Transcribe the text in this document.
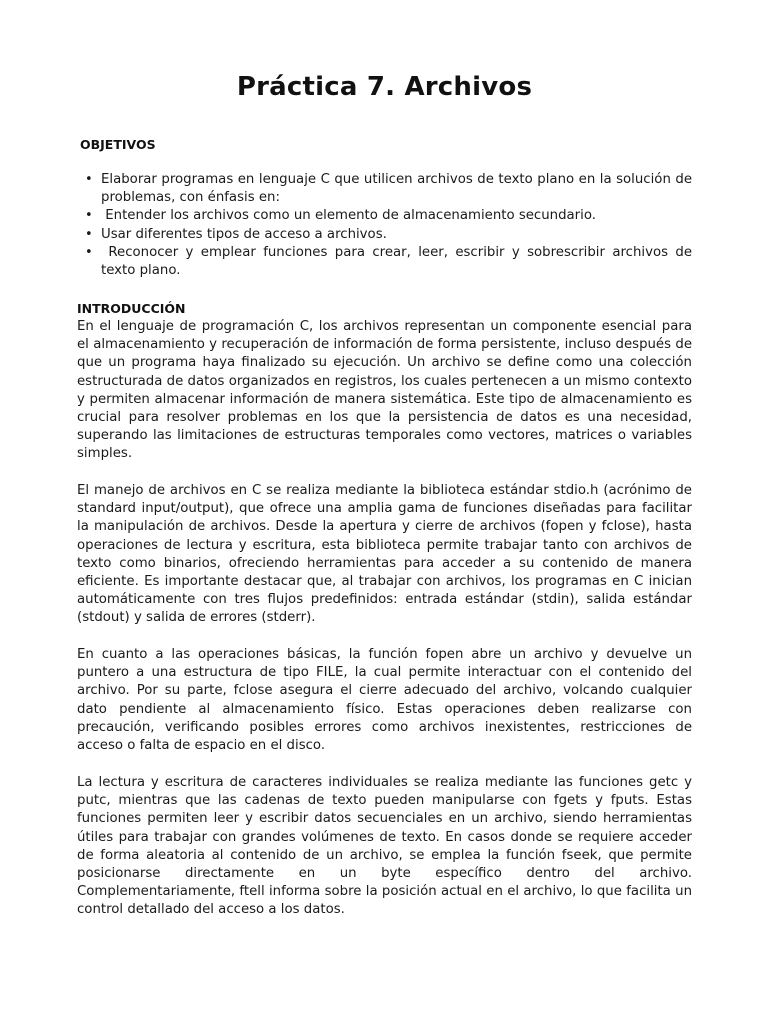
Práctica 7. Archivos
OBJETIVOS
• Elaborar programas en lenguaje C que utilicen archivos de texto plano en la solución de problemas, con énfasis en:
• Entender los archivos como un elemento de almacenamiento secundario.
• Usar diferentes tipos de acceso a archivos.
• Reconocer y emplear funciones para crear, leer, escribir y sobrescribir archivos de texto plano.
INTRODUCCIÓN

En el lenguaje de programación C, los archivos representan un componente esencial para el almacenamiento y recuperación de información de forma persistente, incluso después de que un programa haya finalizado su ejecución. Un archivo se define como una colección estructurada de datos organizados en registros, los cuales pertenecen a un mismo contexto y permiten almacenar información de manera sistemática. Este tipo de almacenamiento es crucial para resolver problemas en los que la persistencia de datos es una necesidad, superando las limitaciones de estructuras temporales como vectores, matrices o variables simples.

El manejo de archivos en C se realiza mediante la biblioteca estándar stdio.h (acrónimo de standard input/output), que ofrece una amplia gama de funciones diseñadas para facilitar la manipulación de archivos. Desde la apertura y cierre de archivos (fopen y fclose), hasta operaciones de lectura y escritura, esta biblioteca permite trabajar tanto con archivos de texto como binarios, ofreciendo herramientas para acceder a su contenido de manera eficiente. Es importante destacar que, al trabajar con archivos, los programas en C inician automáticamente con tres flujos predefinidos: entrada estándar (stdin), salida estándar (stdout) y salida de errores (stderr).

En cuanto a las operaciones básicas, la función fopen abre un archivo y devuelve un puntero a una estructura de tipo FILE, la cual permite interactuar con el contenido del archivo. Por su parte, fclose asegura el cierre adecuado del archivo, volcando cualquier dato pendiente al almacenamiento físico. Estas operaciones deben realizarse con precaución, verificando posibles errores como archivos inexistentes, restricciones de acceso o falta de espacio en el disco.

La lectura y escritura de caracteres individuales se realiza mediante las funciones getc y putc, mientras que las cadenas de texto pueden manipularse con fgets y fputs. Estas funciones permiten leer y escribir datos secuenciales en un archivo, siendo herramientas útiles para trabajar con grandes volúmenes de texto. En casos donde se requiere acceder de forma aleatoria al contenido de un archivo, se emplea la función fseek, que permite posicionarse directamente en un byte específico dentro del archivo. Complementariamente, ftell informa sobre la posición actual en el archivo, lo que facilita un control detallado del acceso a los datos.
